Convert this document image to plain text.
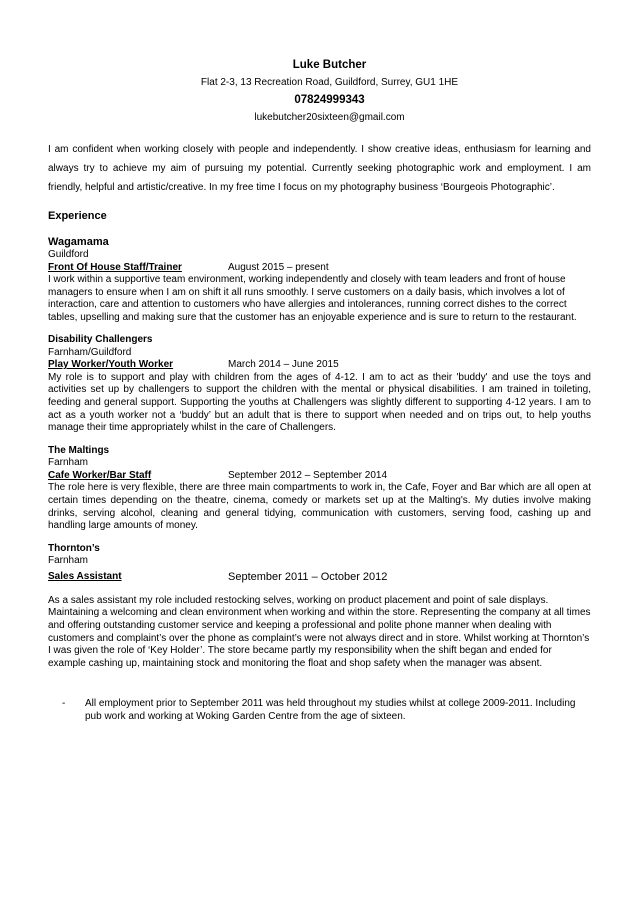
Luke Butcher
Flat 2-3, 13 Recreation Road, Guildford, Surrey, GU1 1HE
07824999343
lukebutcher20sixteen@gmail.com
I am confident when working closely with people and independently. I show creative ideas, enthusiasm for learning and always try to achieve my aim of pursuing my potential. Currently seeking photographic work and employment. I am friendly, helpful and artistic/creative. In my free time I focus on my photography business ‘Bourgeois Photographic’.
Experience
Wagamama
Guildford
Front Of House Staff/Trainer	August 2015 – present
I work within a supportive team environment, working independently and closely with team leaders and front of house managers to ensure when I am on shift it all runs smoothly. I serve customers on a daily basis, which involves a lot of interaction, care and attention to customers who have allergies and intolerances, running correct dishes to the correct tables, upselling and making sure that the customer has an enjoyable experience and is sure to return to the restaurant.
Disability Challengers
Farnham/Guildford
Play Worker/Youth Worker	March 2014 – June 2015
My role is to support and play with children from the ages of 4-12. I am to act as their 'buddy' and use the toys and activities set up by challengers to support the children with the mental or physical disabilities. I am trained in toileting, feeding and general support. Supporting the youths at Challengers was slightly different to supporting 4-12 years. I am to act as a youth worker not a ‘buddy’ but an adult that is there to support when needed and on trips out, to help youths manage their time appropriately whilst in the care of Challengers.
The Maltings
Farnham
Cafe Worker/Bar Staff	September 2012 – September 2014
The role here is very flexible, there are three main compartments to work in, the Cafe, Foyer and Bar which are all open at certain times depending on the theatre, cinema, comedy or markets set up at the Malting's. My duties involve making drinks, serving alcohol, cleaning and general tidying, communication with customers, serving food, cashing up and handling large amounts of money.
Thornton’s
Farnham
Sales Assistant	September 2011 – October 2012
As a sales assistant my role included restocking selves, working on product placement and point of sale displays. Maintaining a welcoming and clean environment when working and within the store. Representing the company at all times and offering outstanding customer service and keeping a professional and polite phone manner when dealing with customers and complaint’s over the phone as complaint’s were not always direct and in store. Whilst working at Thornton’s I was given the role of ‘Key Holder’. The store became partly my responsibility when the shift began and ended for example cashing up, maintaining stock and monitoring the float and shop safety when the manager was absent.
-	All employment prior to September 2011 was held throughout my studies whilst at college 2009-2011. Including pub work and working at Woking Garden Centre from the age of sixteen.
